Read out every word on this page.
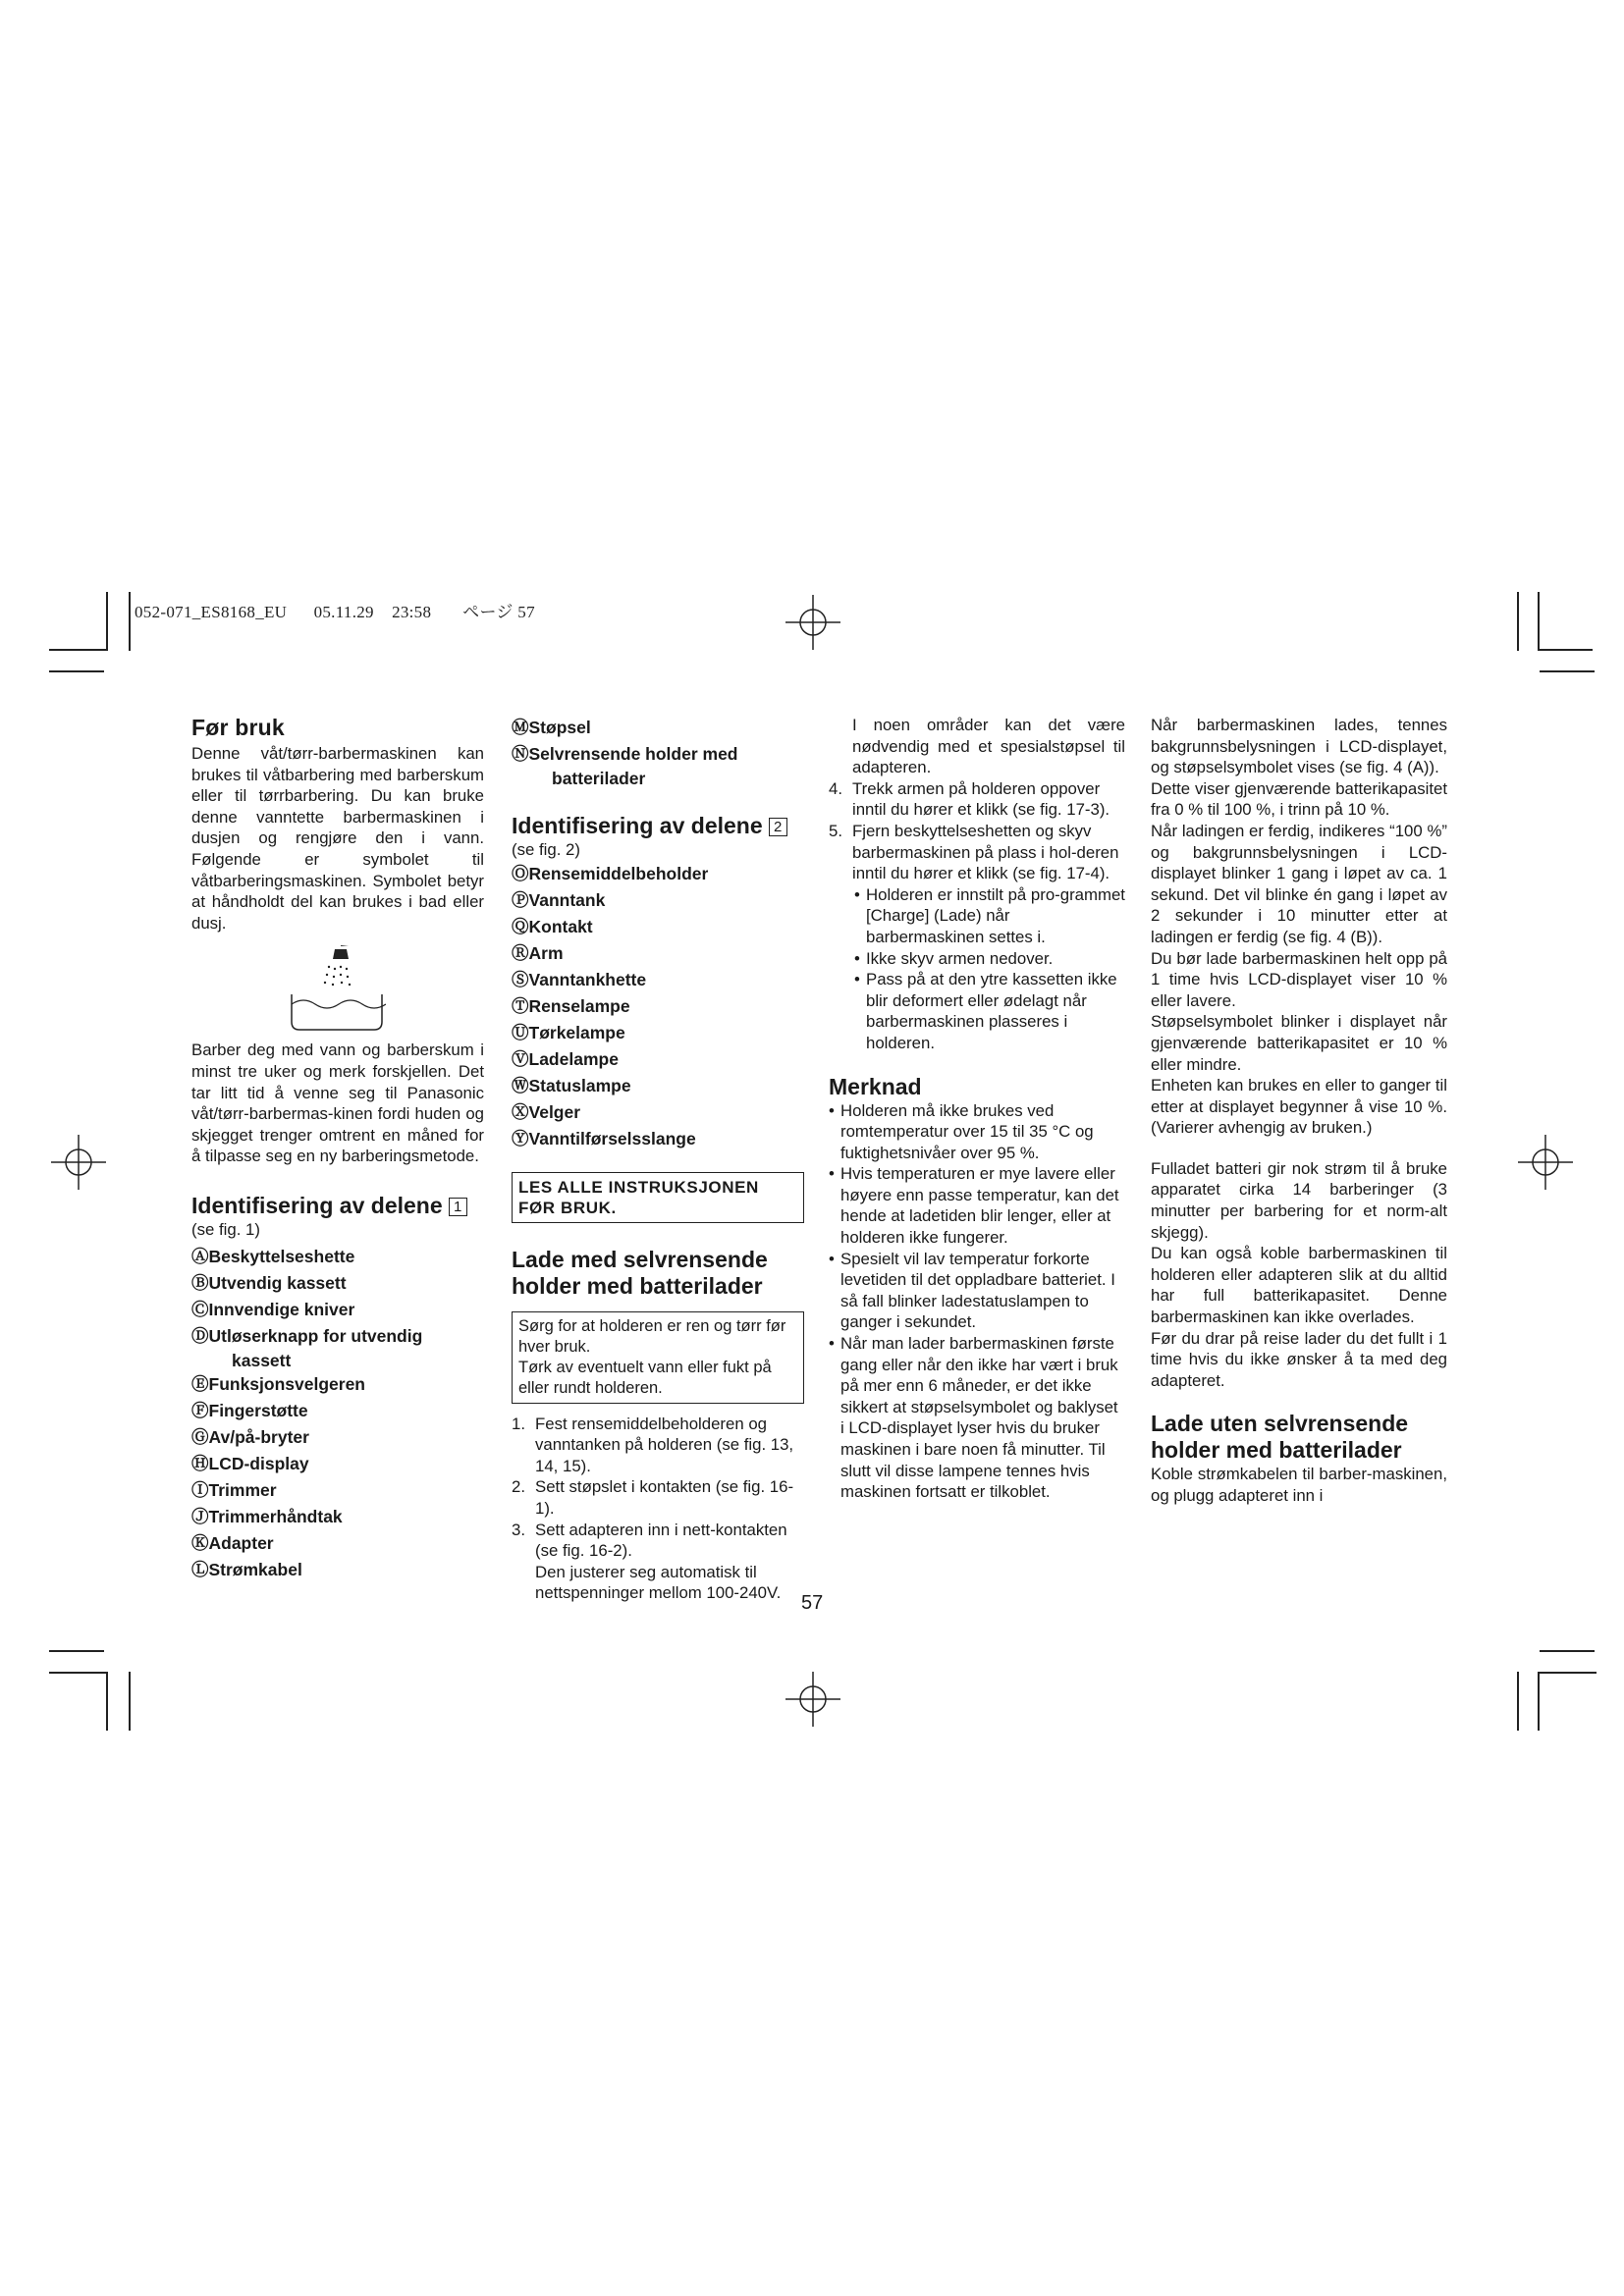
052-071_ES8168_EU 05.11.29 23:58 ページ 57
Før bruk

Denne våt/tørr-barbermaskinen kan brukes til våtbarbering med barberskum eller til tørrbarbering. Du kan bruke denne vanntette barbermaskinen i dusjen og rengjøre den i vann. Følgende er symbolet til våtbarberingsmaskinen. Symbolet betyr at håndholdt del kan brukes i bad eller dusj.

Barber deg med vann og barberskum i minst tre uker og merk forskjellen. Det tar litt tid å venne seg til Panasonic våt/tørr-barbermas-kinen fordi huden og skjegget trenger omtrent en måned for å tilpasse seg en ny barberingsmetode.

Identifisering av delene 1

(se fig. 1)

ⒶBeskyttelseshette
ⒷUtvendig kassett
ⒸInnvendige kniver
ⒹUtløserknapp for utvendig
kassett
ⒺFunksjonsvelgeren
ⒻFingerstøtte
ⒼAv/på-bryter
ⒽLCD-display
ⒾTrimmer
ⒿTrimmerhåndtak
ⓀAdapter
ⓁStrømkabel
ⓂStøpsel
ⓃSelvrensende holder med
batterilader
Identifisering av delene 2

(se fig. 2)

ⓄRensemiddelbeholder
ⓅVanntank
ⓆKontakt
ⓇArm
ⓈVanntankhette
ⓉRenselampe
ⓊTørkelampe
ⓋLadelampe
ⓌStatuslampe
ⓍVelger
ⓎVanntilførselsslange
LES ALLE INSTRUKSJONEN FØR BRUK.
Lade med selvrensende holder med batterilader

Sørg for at holderen er ren og tørr før hver bruk.

Tørk av eventuelt vann eller fukt på eller rundt holderen.

1. Fest rensemiddelbeholderen og vanntanken på holderen (se fig. 13, 14, 15).
2. Sett støpslet i kontakten (se fig. 16-1).
3. Sett adapteren inn i nett-kontakten (se fig. 16-2).
Den justerer seg automatisk til nettspenninger mellom 100-240V.

I noen områder kan det være nødvendig med et spesialstøpsel til adapteren.

4. Trekk armen på holderen oppover inntil du hører et klikk (se fig. 17-3).
5. Fjern beskyttelseshetten og skyv barbermaskinen på plass i hol-deren inntil du hører et klikk (se fig. 17-4).
• Holderen er innstilt på pro-grammet [Charge] (Lade) når barbermaskinen settes i.
• Ikke skyv armen nedover.
• Pass på at den ytre kassetten ikke blir deformert eller ødelagt når barbermaskinen plasseres i holderen.
Merknad
• Holderen må ikke brukes ved romtemperatur over 15 til 35 °C og fuktighetsnivåer over 95 %.
• Hvis temperaturen er mye lavere eller høyere enn passe temperatur, kan det hende at ladetiden blir lenger, eller at holderen ikke fungerer.
• Spesielt vil lav temperatur forkorte levetiden til det oppladbare batteriet. I så fall blinker ladestatuslampen to ganger i sekundet.
• Når man lader barbermaskinen første gang eller når den ikke har vært i bruk på mer enn 6 måneder, er det ikke sikkert at støpselsymbolet og baklyset i LCD-displayet lyser hvis du bruker maskinen i bare noen få minutter. Til slutt vil disse lampene tennes hvis maskinen fortsatt er tilkoblet.

Når barbermaskinen lades, tennes bakgrunnsbelysningen i LCD-displayet, og støpselsymbolet vises (se fig. 4 (A)).

Dette viser gjenværende batterikapasitet fra 0 % til 100 %, i trinn på 10 %.

Når ladingen er ferdig, indikeres “100 %” og bakgrunnsbelysningen i LCD-displayet blinker 1 gang i løpet av ca. 1 sekund. Det vil blinke én gang i løpet av 2 sekunder i 10 minutter etter at ladingen er ferdig (se fig. 4 (B)).

Du bør lade barbermaskinen helt opp på 1 time hvis LCD-displayet viser 10 % eller lavere.

Støpselsymbolet blinker i displayet når gjenværende batterikapasitet er 10 % eller mindre.

Enheten kan brukes en eller to ganger til etter at displayet begynner å vise 10 %. (Varierer avhengig av bruken.)

Fulladet batteri gir nok strøm til å bruke apparatet cirka 14 barberinger (3 minutter per barbering for et norm-alt skjegg).

Du kan også koble barbermaskinen til holderen eller adapteren slik at du alltid har full batterikapasitet. Denne barbermaskinen kan ikke overlades.

Før du drar på reise lader du det fullt i 1 time hvis du ikke ønsker å ta med deg adapteret.

Lade uten selvrensende holder med batterilader

Koble strømkabelen til barber-maskinen, og plugg adapteret inn i

57
